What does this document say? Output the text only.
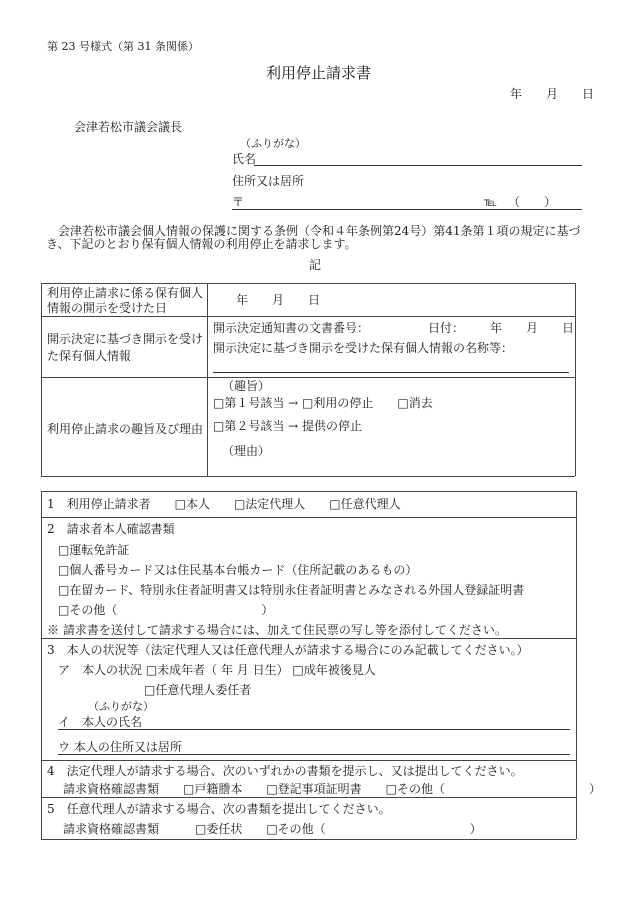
第 23 号様式（第 31 条関係）
利用停止請求書
年　　月　　日
会津若松市議会議長
（ふりがな）
氏名
住所又は居所
〒	℡ （　　）
　会津若松市議会個人情報の保護に関する条例（令和４年条例第24号）第41条第１項の規定に基づ
き、下記のとおり保有個人情報の利用停止を請求します。
記
利用停止請求に係る保有個人
情報の開示を受けた日
年　　月　　日
開示決定に基づき開示を受け
た保有個人情報
開示決定通知書の文書番号：	日付： 年　　月　　日
開示決定に基づき開示を受けた保有個人情報の名称等：
利用停止請求の趣旨及び理由
（趣旨）
□第１号該当 → □利用の停止　　□消去
□第２号該当 → 提供の停止
（理由）
1　利用停止請求者　　□本人　　□法定代理人　　□任意代理人
2　請求者本人確認書類
□運転免許証
□個人番号カード又は住民基本台帳カード（住所記載のあるもの）
□在留カード、特別永住者証明書又は特別永住者証明書とみなされる外国人登録証明書
□その他（　　　　　　　　　　　　）
※ 請求書を送付して請求する場合には、加えて住民票の写し等を添付してください。
3　本人の状況等（法定代理人又は任意代理人が請求する場合にのみ記載してください。）
ア　本人の状況 □未成年者（ 年 月 日生） □成年被後見人
□任意代理人委任者
（ふりがな）
イ　本人の氏名
ウ 本人の住所又は居所
4　法定代理人が請求する場合、次のいずれかの書類を提示し、又は提出してください。
請求資格確認書類　　□戸籍謄本　　□登記事項証明書　　□その他（　　　　　　　　　　　　）
5　任意代理人が請求する場合、次の書類を提出してください。
請求資格確認書類　　　□委任状　　□その他（　　　　　　　　　　　　）
